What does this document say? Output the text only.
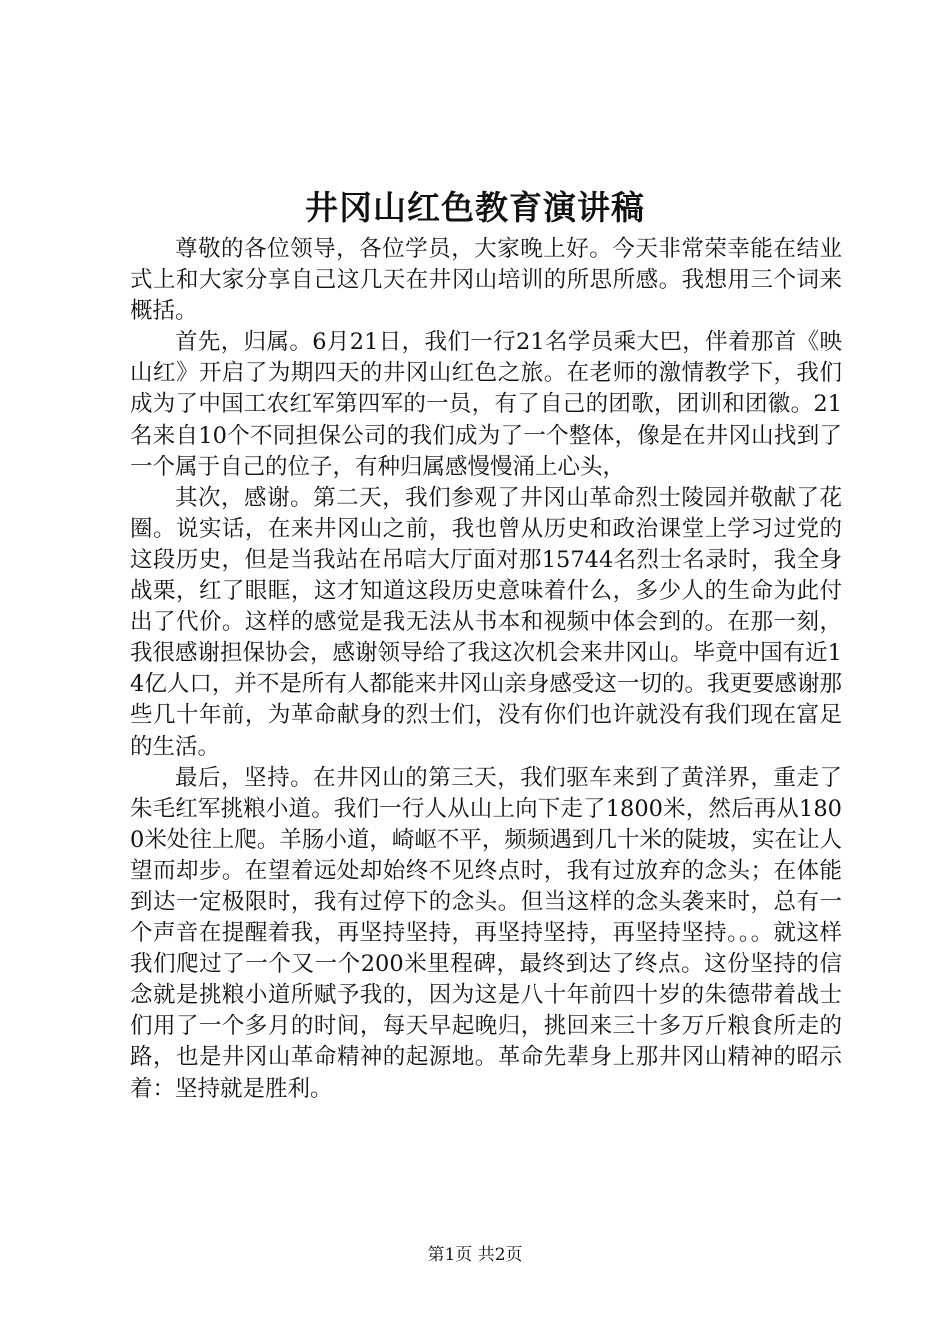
井冈山红色教育演讲稿

尊敬的各位领导，各位学员，大家晚上好。今天非常荣幸能在结业式上和大家分享自己这几天在井冈山培训的所思所感。我想用三个词来概括。

首先，归属。6月21日，我们一行21名学员乘大巴，伴着那首《映山红》开启了为期四天的井冈山红色之旅。在老师的激情教学下，我们成为了中国工农红军第四军的一员，有了自己的团歌，团训和团徽。21名来自10个不同担保公司的我们成为了一个整体，像是在井冈山找到了一个属于自己的位子，有种归属感慢慢涌上心头，

其次，感谢。第二天，我们参观了井冈山革命烈士陵园并敬献了花圈。说实话，在来井冈山之前，我也曾从历史和政治课堂上学习过党的这段历史，但是当我站在吊唁大厅面对那15744名烈士名录时，我全身战栗，红了眼眶，这才知道这段历史意味着什么，多少人的生命为此付出了代价。这样的感觉是我无法从书本和视频中体会到的。在那一刻，我很感谢担保协会，感谢领导给了我这次机会来井冈山。毕竟中国有近14亿人口，并不是所有人都能来井冈山亲身感受这一切的。我更要感谢那些几十年前，为革命献身的烈士们，没有你们也许就没有我们现在富足的生活。

最后，坚持。在井冈山的第三天，我们驱车来到了黄洋界，重走了朱毛红军挑粮小道。我们一行人从山上向下走了1800米，然后再从1800米处往上爬。羊肠小道，崎岖不平，频频遇到几十米的陡坡，实在让人望而却步。在望着远处却始终不见终点时，我有过放弃的念头；在体能到达一定极限时，我有过停下的念头。但当这样的念头袭来时，总有一个声音在提醒着我，再坚持坚持，再坚持坚持，再坚持坚持。。。就这样我们爬过了一个又一个200米里程碑，最终到达了终点。这份坚持的信念就是挑粮小道所赋予我的，因为这是八十年前四十岁的朱德带着战士们用了一个多月的时间，每天早起晚归，挑回来三十多万斤粮食所走的路，也是井冈山革命精神的起源地。革命先辈身上那井冈山精神的昭示着：坚持就是胜利。

第1页 共2页
